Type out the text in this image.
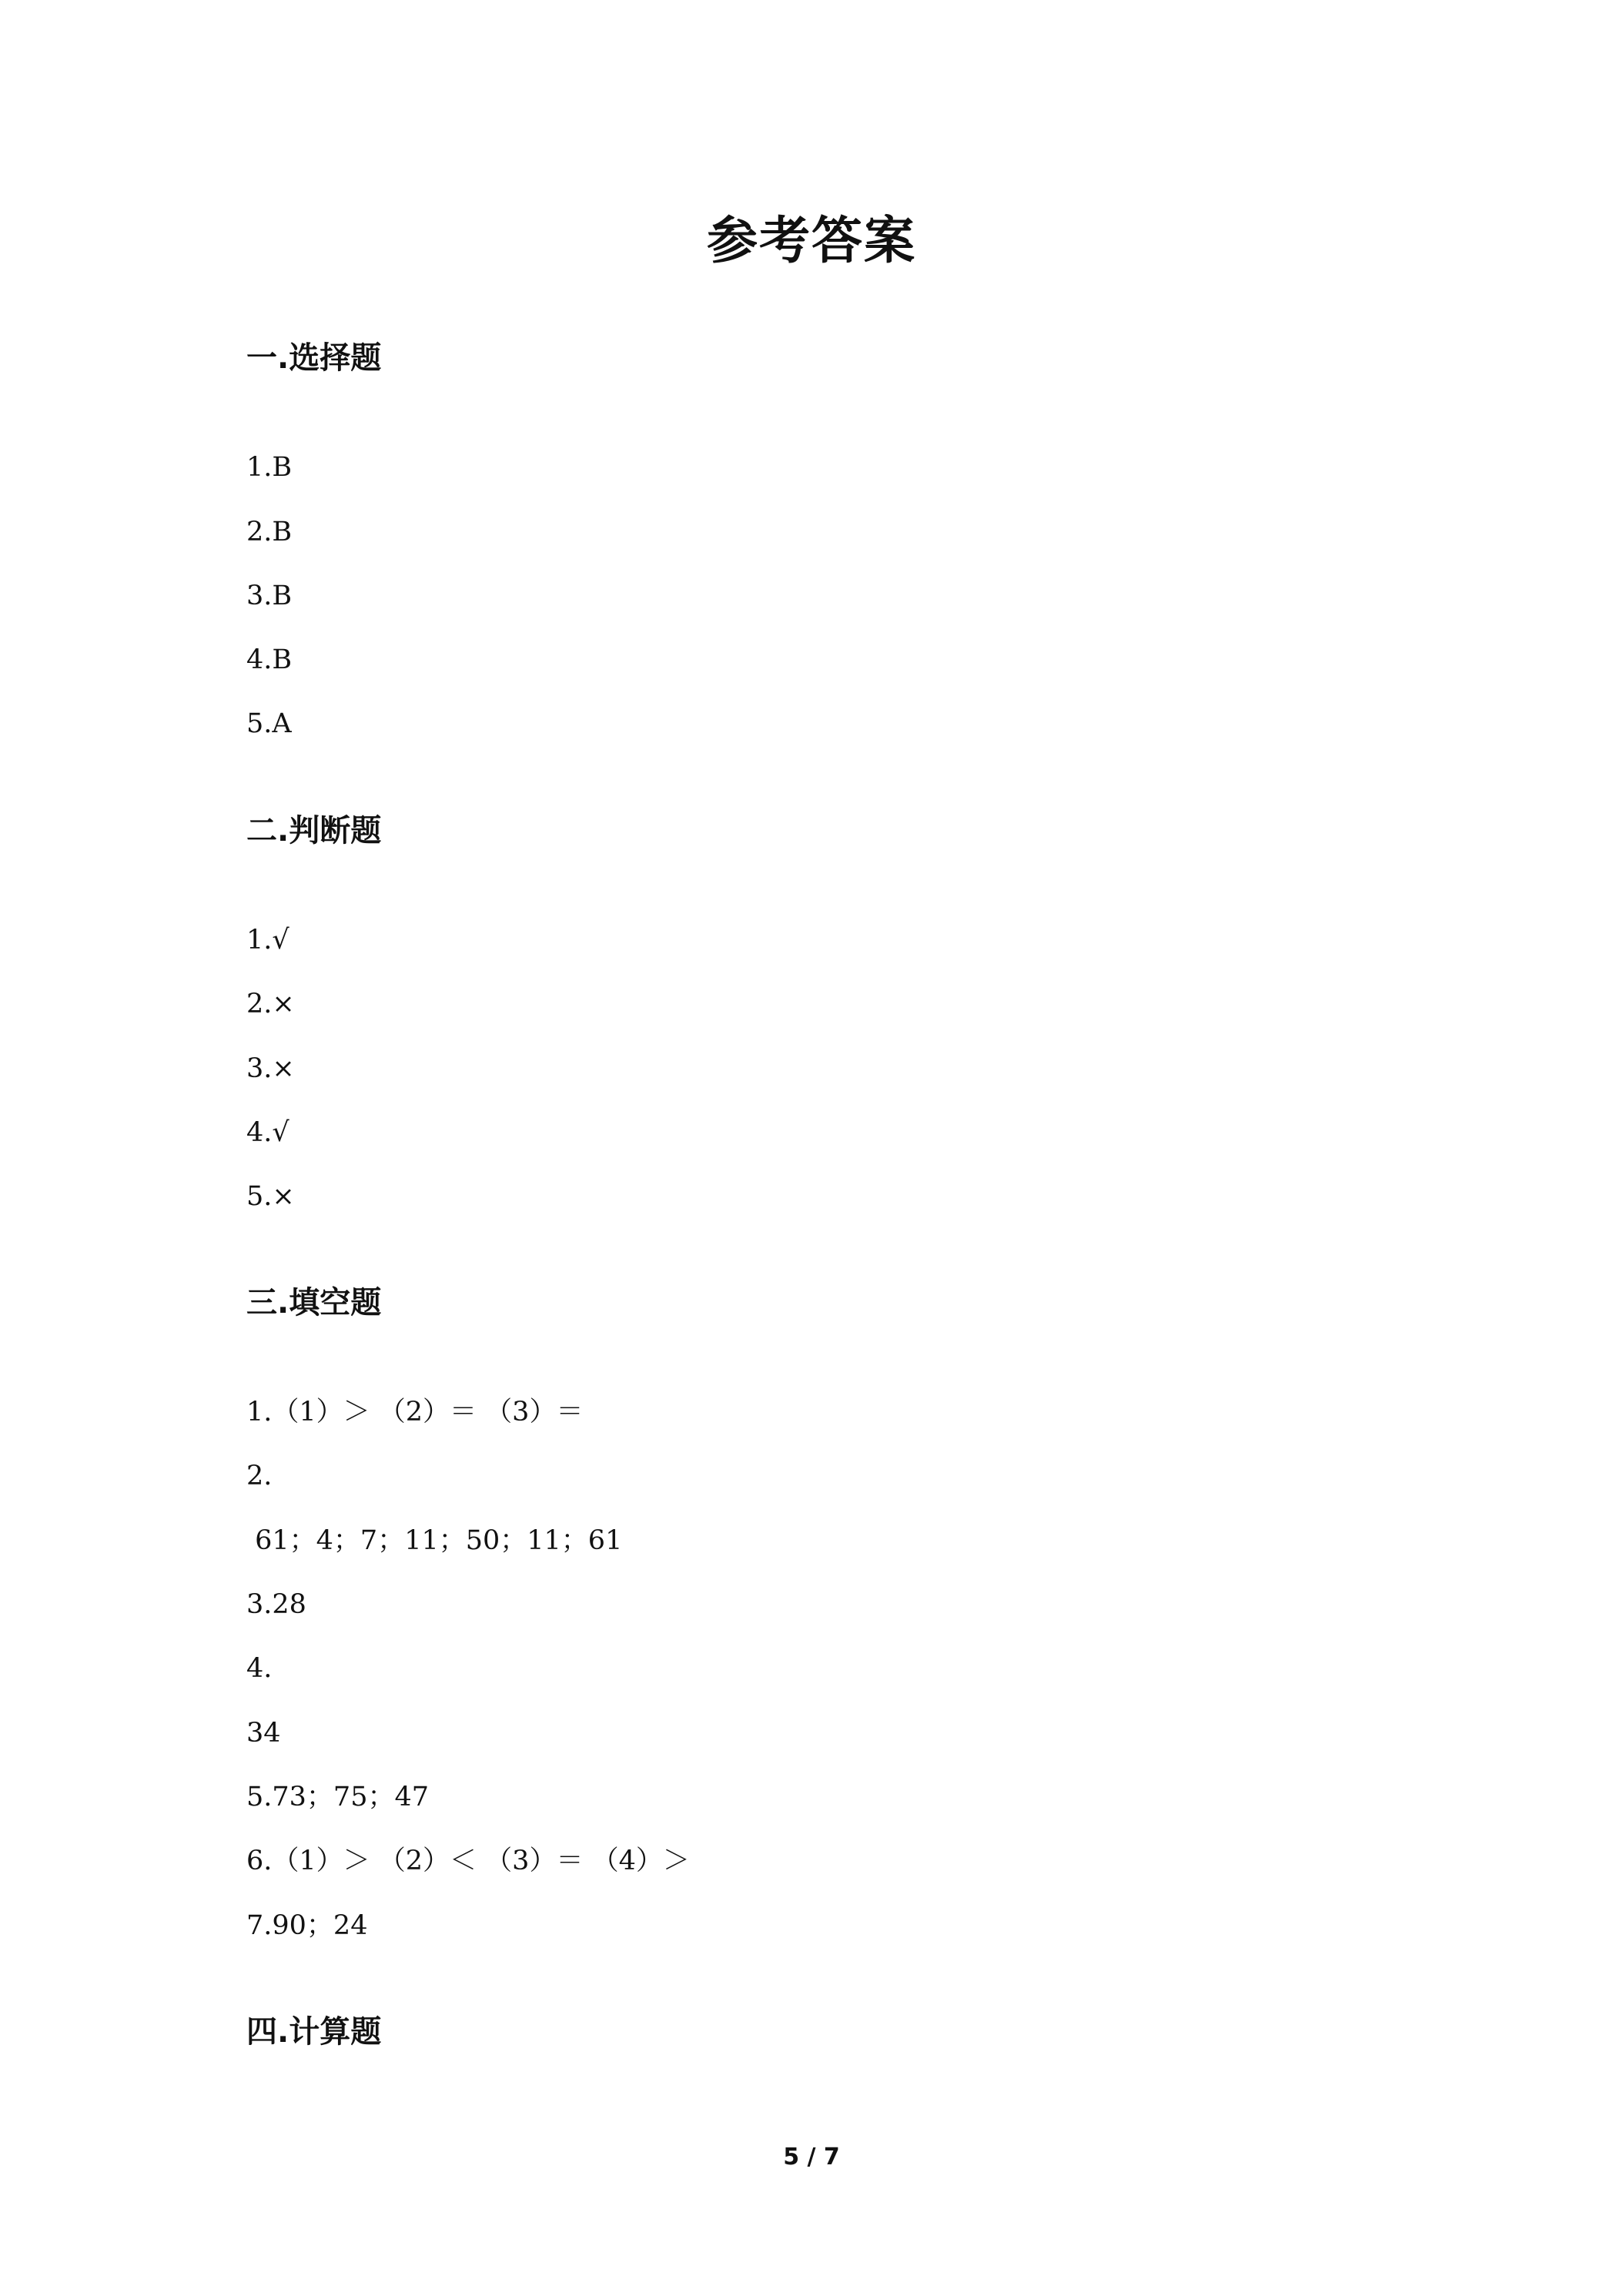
参考答案
一.选择题
1.B
2.B
3.B
4.B
5.A
二.判断题
1.√
2.×
3.×
4.√
5.×
三.填空题
1.（1）＞ （2）＝ （3）＝
2.
61；4；7；11；50；11；61
3.28
4.
34
5.73；75；47
6.（1）＞ （2）＜ （3）＝ （4）＞
7.90；24
四.计算题
5 / 7
